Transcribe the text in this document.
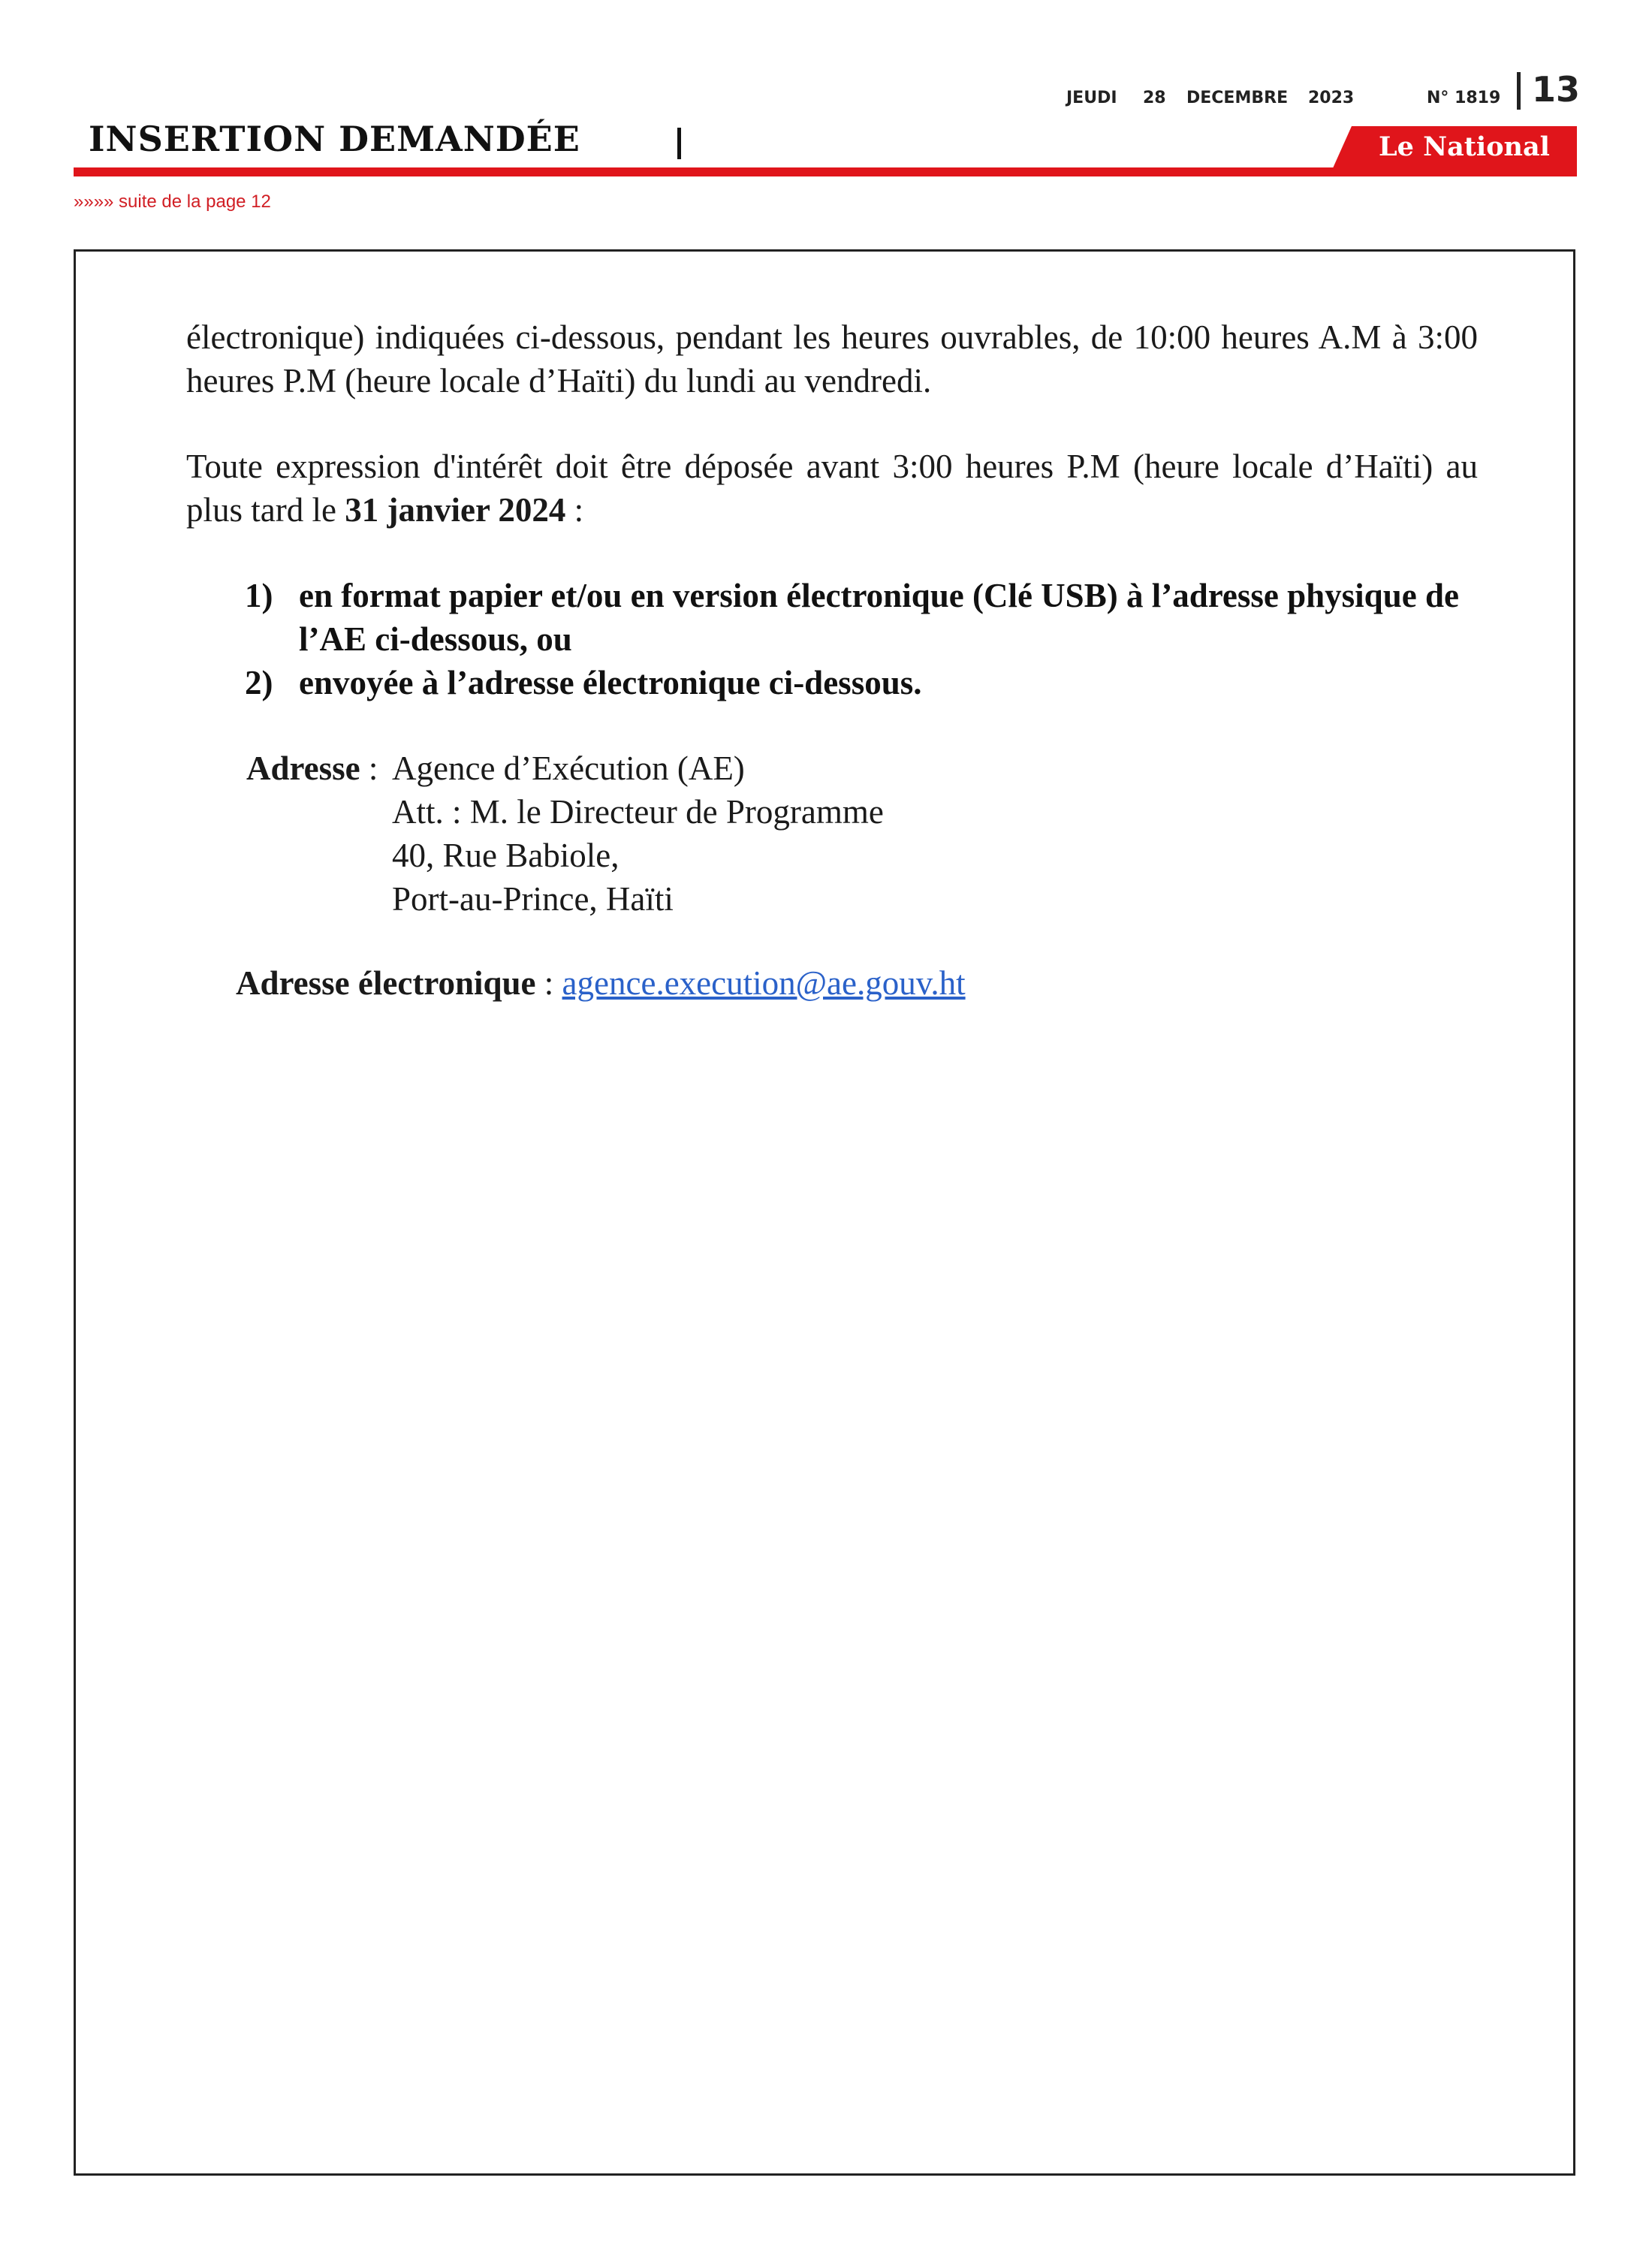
JEUDI 28 DECEMBRE 2023	N° 1819 13
INSERTION DEMANDÉE	Le National
»»»» suite de la page 12
électronique) indiquées ci-dessous, pendant les heures ouvrables, de 10:00 heures A.M à 3:00 heures P.M (heure locale d’Haïti) du lundi au vendredi.
Toute expression d'intérêt doit être déposée avant 3:00 heures P.M (heure locale d’Haïti) au plus tard le 31 janvier 2024 :
1) en format papier et/ou en version électronique (Clé USB) à l’adresse physique de l’AE ci-dessous, ou
2) envoyée à l’adresse électronique ci-dessous.
Adresse : Agence d’Exécution (AE)
Att. : M. le Directeur de Programme
40, Rue Babiole,
Port-au-Prince, Haïti
Adresse électronique : agence.execution@ae.gouv.ht
